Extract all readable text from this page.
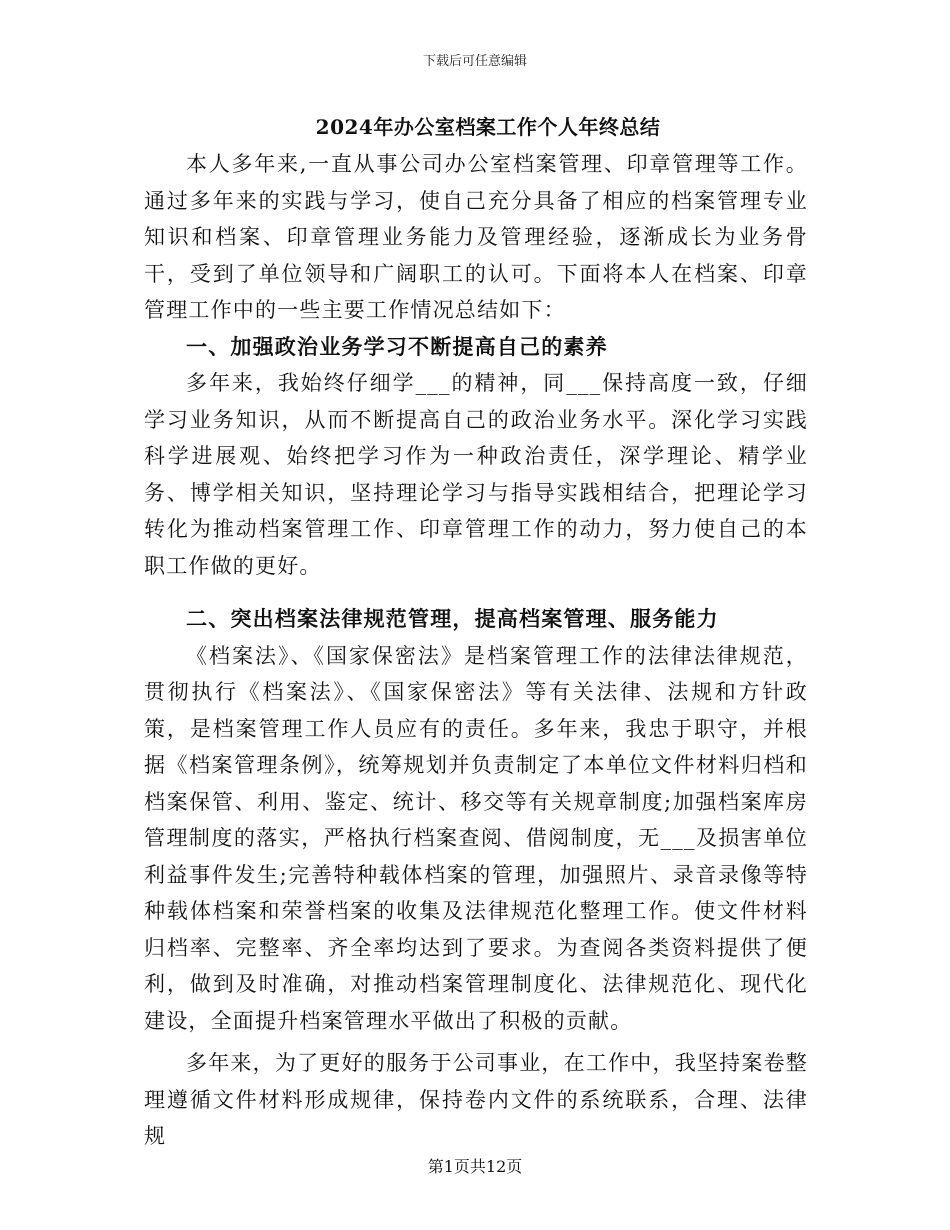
下载后可任意编辑
2024年办公室档案工作个人年终总结

本人多年来,一直从事公司办公室档案管理、印章管理等工作。通过多年来的实践与学习，使自己充分具备了相应的档案管理专业知识和档案、印章管理业务能力及管理经验，逐渐成长为业务骨干，受到了单位领导和广阔职工的认可。下面将本人在档案、印章管理工作中的一些主要工作情况总结如下：

一、加强政治业务学习不断提高自己的素养

多年来，我始终仔细学___的精神，同___保持高度一致，仔细学习业务知识，从而不断提高自己的政治业务水平。深化学习实践科学进展观、始终把学习作为一种政治责任，深学理论、精学业务、博学相关知识，坚持理论学习与指导实践相结合，把理论学习转化为推动档案管理工作、印章管理工作的动力，努力使自己的本职工作做的更好。

二、突出档案法律规范管理，提高档案管理、服务能力

《档案法》、《国家保密法》是档案管理工作的法律法律规范，贯彻执行《档案法》、《国家保密法》等有关法律、法规和方针政策，是档案管理工作人员应有的责任。多年来，我忠于职守，并根据《档案管理条例》，统筹规划并负责制定了本单位文件材料归档和档案保管、利用、鉴定、统计、移交等有关规章制度;加强档案库房管理制度的落实，严格执行档案查阅、借阅制度，无___及损害单位利益事件发生;完善特种载体档案的管理，加强照片、录音录像等特种载体档案和荣誉档案的收集及法律规范化整理工作。使文件材料归档率、完整率、齐全率均达到了要求。为查阅各类资料提供了便利，做到及时准确，对推动档案管理制度化、法律规范化、现代化建设，全面提升档案管理水平做出了积极的贡献。

多年来，为了更好的服务于公司事业，在工作中，我坚持案卷整理遵循文件材料形成规律，保持卷内文件的系统联系，合理、法律规

第1页共12页
